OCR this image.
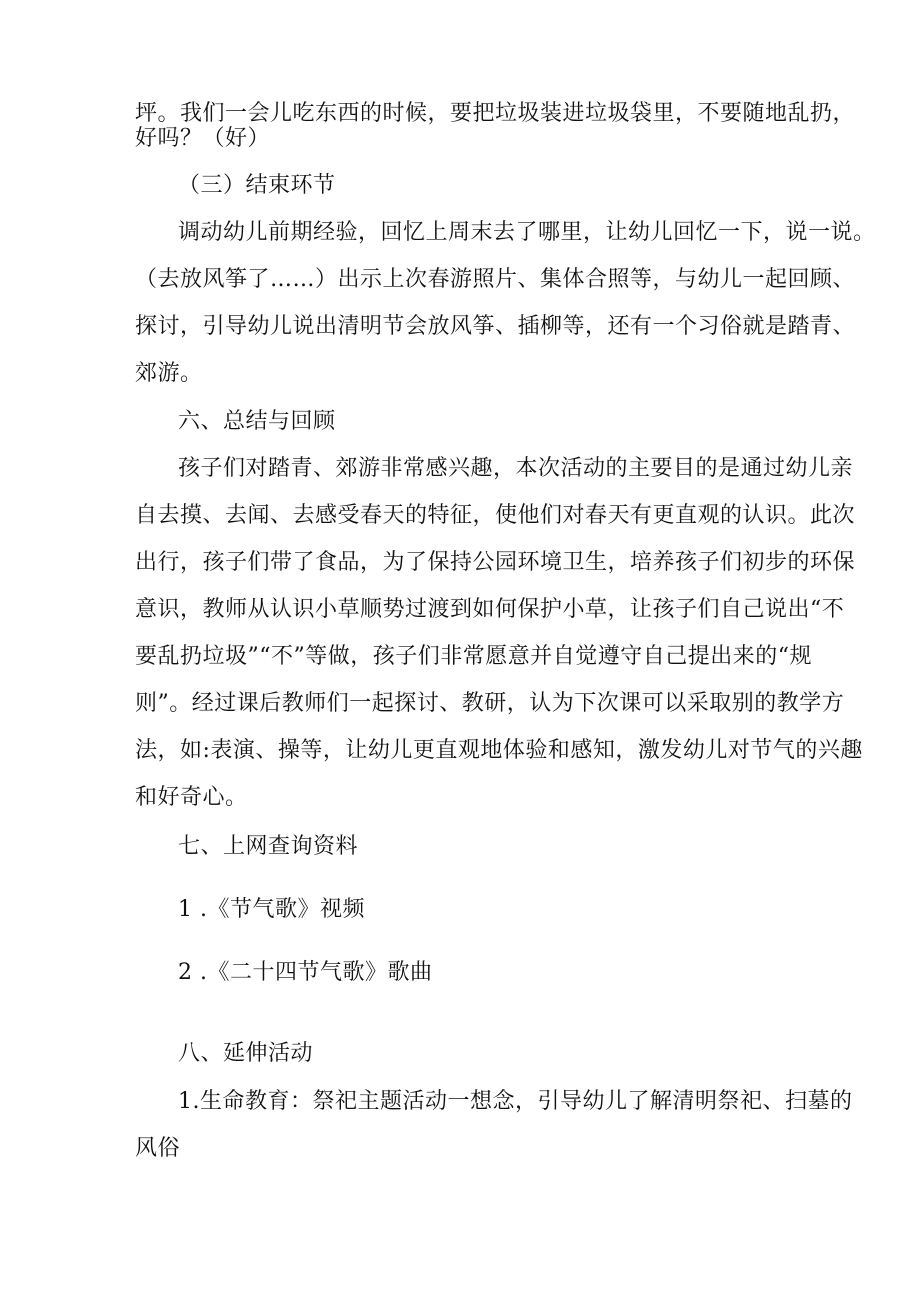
坪。我们一会儿吃东西的时候，要把垃圾装进垃圾袋里，不要随地乱扔，
好吗？（好）
（三）结束环节
调动幼儿前期经验，回忆上周末去了哪里，让幼儿回忆一下，说一说。
（去放风筝了……）出示上次春游照片、集体合照等，与幼儿一起回顾、
探讨，引导幼儿说出清明节会放风筝、插柳等，还有一个习俗就是踏青、
郊游。
六、总结与回顾
孩子们对踏青、郊游非常感兴趣，本次活动的主要目的是通过幼儿亲
自去摸、去闻、去感受春天的特征，使他们对春天有更直观的认识。此次
出行，孩子们带了食品，为了保持公园环境卫生，培养孩子们初步的环保
意识，教师从认识小草顺势过渡到如何保护小草，让孩子们自己说出“不
要乱扔垃圾”“不”等做，孩子们非常愿意并自觉遵守自己提出来的“规
则”。经过课后教师们一起探讨、教研，认为下次课可以采取别的教学方
法，如:表演、操等，让幼儿更直观地体验和感知，激发幼儿对节气的兴趣
和好奇心。
七、上网查询资料
1 .《节气歌》视频
2 .《二十四节气歌》歌曲
八、延伸活动
1.生命教育：祭祀主题活动一想念，引导幼儿了解清明祭祀、扫墓的
风俗
